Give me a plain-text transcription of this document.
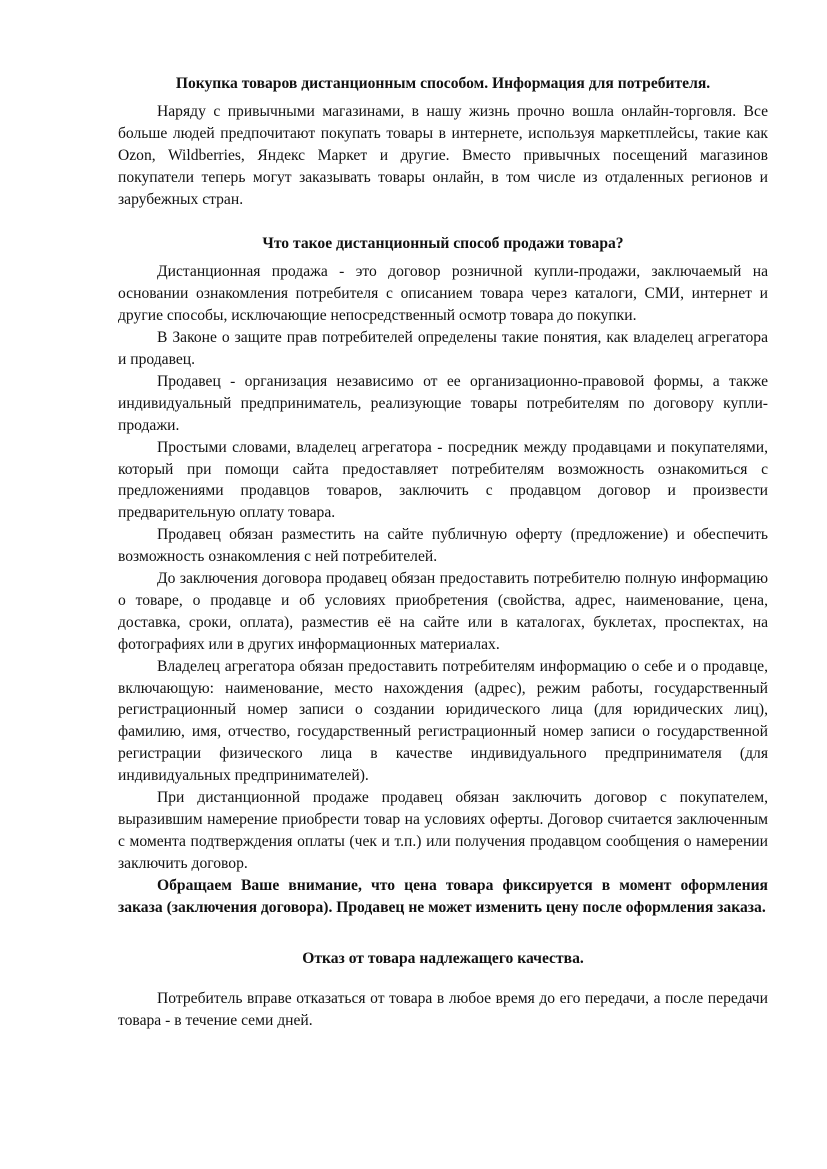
Покупка товаров дистанционным способом. Информация для потребителя.

Наряду с привычными магазинами, в нашу жизнь прочно вошла онлайн-торговля. Все больше людей предпочитают покупать товары в интернете, используя маркетплейсы, такие как Ozon, Wildberries, Яндекс Маркет и другие. Вместо привычных посещений магазинов покупатели теперь могут заказывать товары онлайн, в том числе из отдаленных регионов и зарубежных стран.

Что такое дистанционный способ продажи товара?

Дистанционная продажа - это договор розничной купли-продажи, заключаемый на основании ознакомления потребителя с описанием товара через каталоги, СМИ, интернет и другие способы, исключающие непосредственный осмотр товара до покупки.

В Законе о защите прав потребителей определены такие понятия, как владелец агрегатора и продавец.

Продавец - организация независимо от ее организационно-правовой формы, а также индивидуальный предприниматель, реализующие товары потребителям по договору купли-продажи.

Простыми словами, владелец агрегатора - посредник между продавцами и покупателями, который при помощи сайта предоставляет потребителям возможность ознакомиться с предложениями продавцов товаров, заключить с продавцом договор и произвести предварительную оплату товара.

Продавец обязан разместить на сайте публичную оферту (предложение) и обеспечить возможность ознакомления с ней потребителей.

До заключения договора продавец обязан предоставить потребителю полную информацию о товаре, о продавце и об условиях приобретения (свойства, адрес, наименование, цена, доставка, сроки, оплата), разместив её на сайте или в каталогах, буклетах, проспектах, на фотографиях или в других информационных материалах.

Владелец агрегатора обязан предоставить потребителям информацию о себе и о продавце, включающую: наименование, место нахождения (адрес), режим работы, государственный регистрационный номер записи о создании юридического лица (для юридических лиц), фамилию, имя, отчество, государственный регистрационный номер записи о государственной регистрации физического лица в качестве индивидуального предпринимателя (для индивидуальных предпринимателей).

При дистанционной продаже продавец обязан заключить договор с покупателем, выразившим намерение приобрести товар на условиях оферты. Договор считается заключенным с момента подтверждения оплаты (чек и т.п.) или получения продавцом сообщения о намерении заключить договор.

Обращаем Ваше внимание, что цена товара фиксируется в момент оформления заказа (заключения договора). Продавец не может изменить цену после оформления заказа.

Отказ от товара надлежащего качества.

Потребитель вправе отказаться от товара в любое время до его передачи, а после передачи товара - в течение семи дней.
